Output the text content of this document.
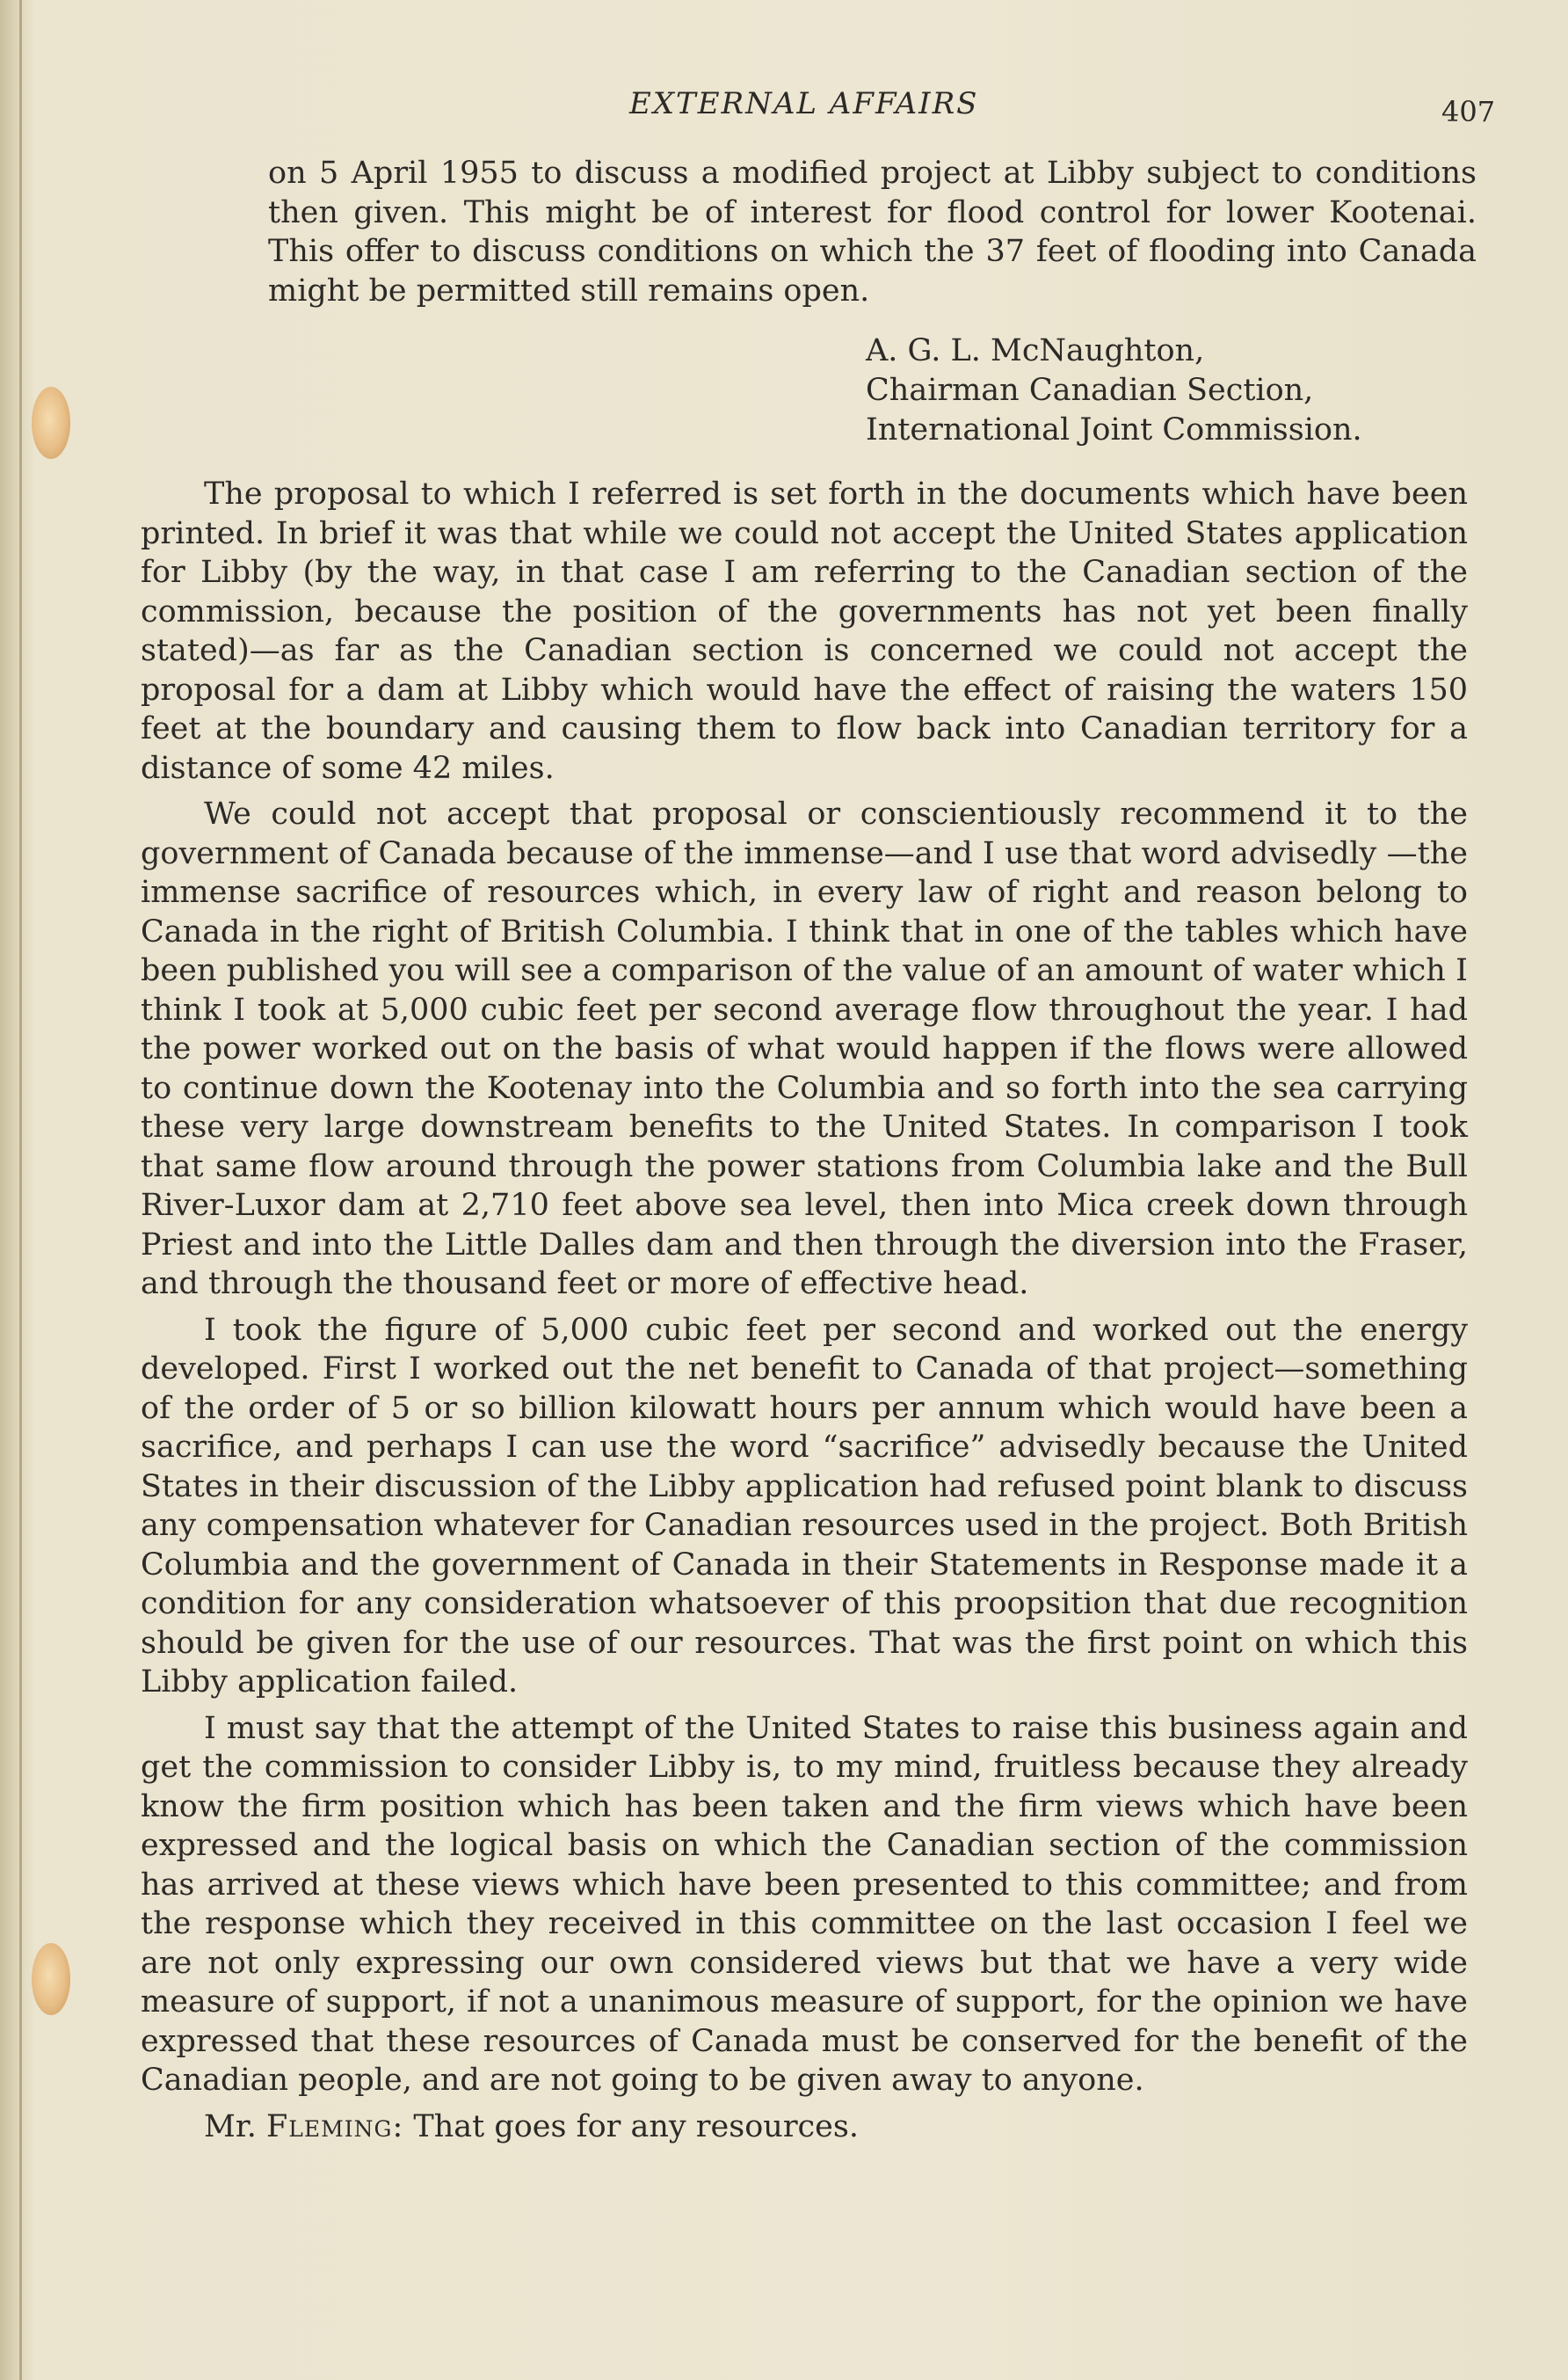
EXTERNAL AFFAIRS	407

on 5 April 1955 to discuss a modified project at Libby subject to conditions then given. This might be of interest for flood control for lower Kootenai. This offer to discuss conditions on which the 37 feet of flooding into Canada might be permitted still remains open.

A. G. L. McNaughton,
Chairman Canadian Section,
International Joint Commission.

The proposal to which I referred is set forth in the documents which have been printed. In brief it was that while we could not accept the United States application for Libby (by the way, in that case I am referring to the Canadian section of the commission, because the position of the governments has not yet been finally stated)—as far as the Canadian section is concerned we could not accept the proposal for a dam at Libby which would have the effect of raising the waters 150 feet at the boundary and causing them to flow back into Canadian territory for a distance of some 42 miles.

We could not accept that proposal or conscientiously recommend it to the government of Canada because of the immense—and I use that word advisedly —the immense sacrifice of resources which, in every law of right and reason belong to Canada in the right of British Columbia. I think that in one of the tables which have been published you will see a comparison of the value of an amount of water which I think I took at 5,000 cubic feet per second average flow throughout the year. I had the power worked out on the basis of what would happen if the flows were allowed to continue down the Kootenay into the Columbia and so forth into the sea carrying these very large downstream benefits to the United States. In comparison I took that same flow around through the power stations from Columbia lake and the Bull River-Luxor dam at 2,710 feet above sea level, then into Mica creek down through Priest and into the Little Dalles dam and then through the diversion into the Fraser, and through the thousand feet or more of effective head.

I took the figure of 5,000 cubic feet per second and worked out the energy developed. First I worked out the net benefit to Canada of that project—something of the order of 5 or so billion kilowatt hours per annum which would have been a sacrifice, and perhaps I can use the word “sacrifice” advisedly because the United States in their discussion of the Libby application had refused point blank to discuss any compensation whatever for Canadian resources used in the project. Both British Columbia and the government of Canada in their Statements in Response made it a condition for any consideration whatsoever of this proopsition that due recognition should be given for the use of our resources. That was the first point on which this Libby application failed.

I must say that the attempt of the United States to raise this business again and get the commission to consider Libby is, to my mind, fruitless because they already know the firm position which has been taken and the firm views which have been expressed and the logical basis on which the Canadian section of the commission has arrived at these views which have been presented to this committee; and from the response which they received in this committee on the last occasion I feel we are not only expressing our own considered views but that we have a very wide measure of support, if not a unanimous measure of support, for the opinion we have expressed that these resources of Canada must be conserved for the benefit of the Canadian people, and are not going to be given away to anyone.

Mr. Fleming: That goes for any resources.
